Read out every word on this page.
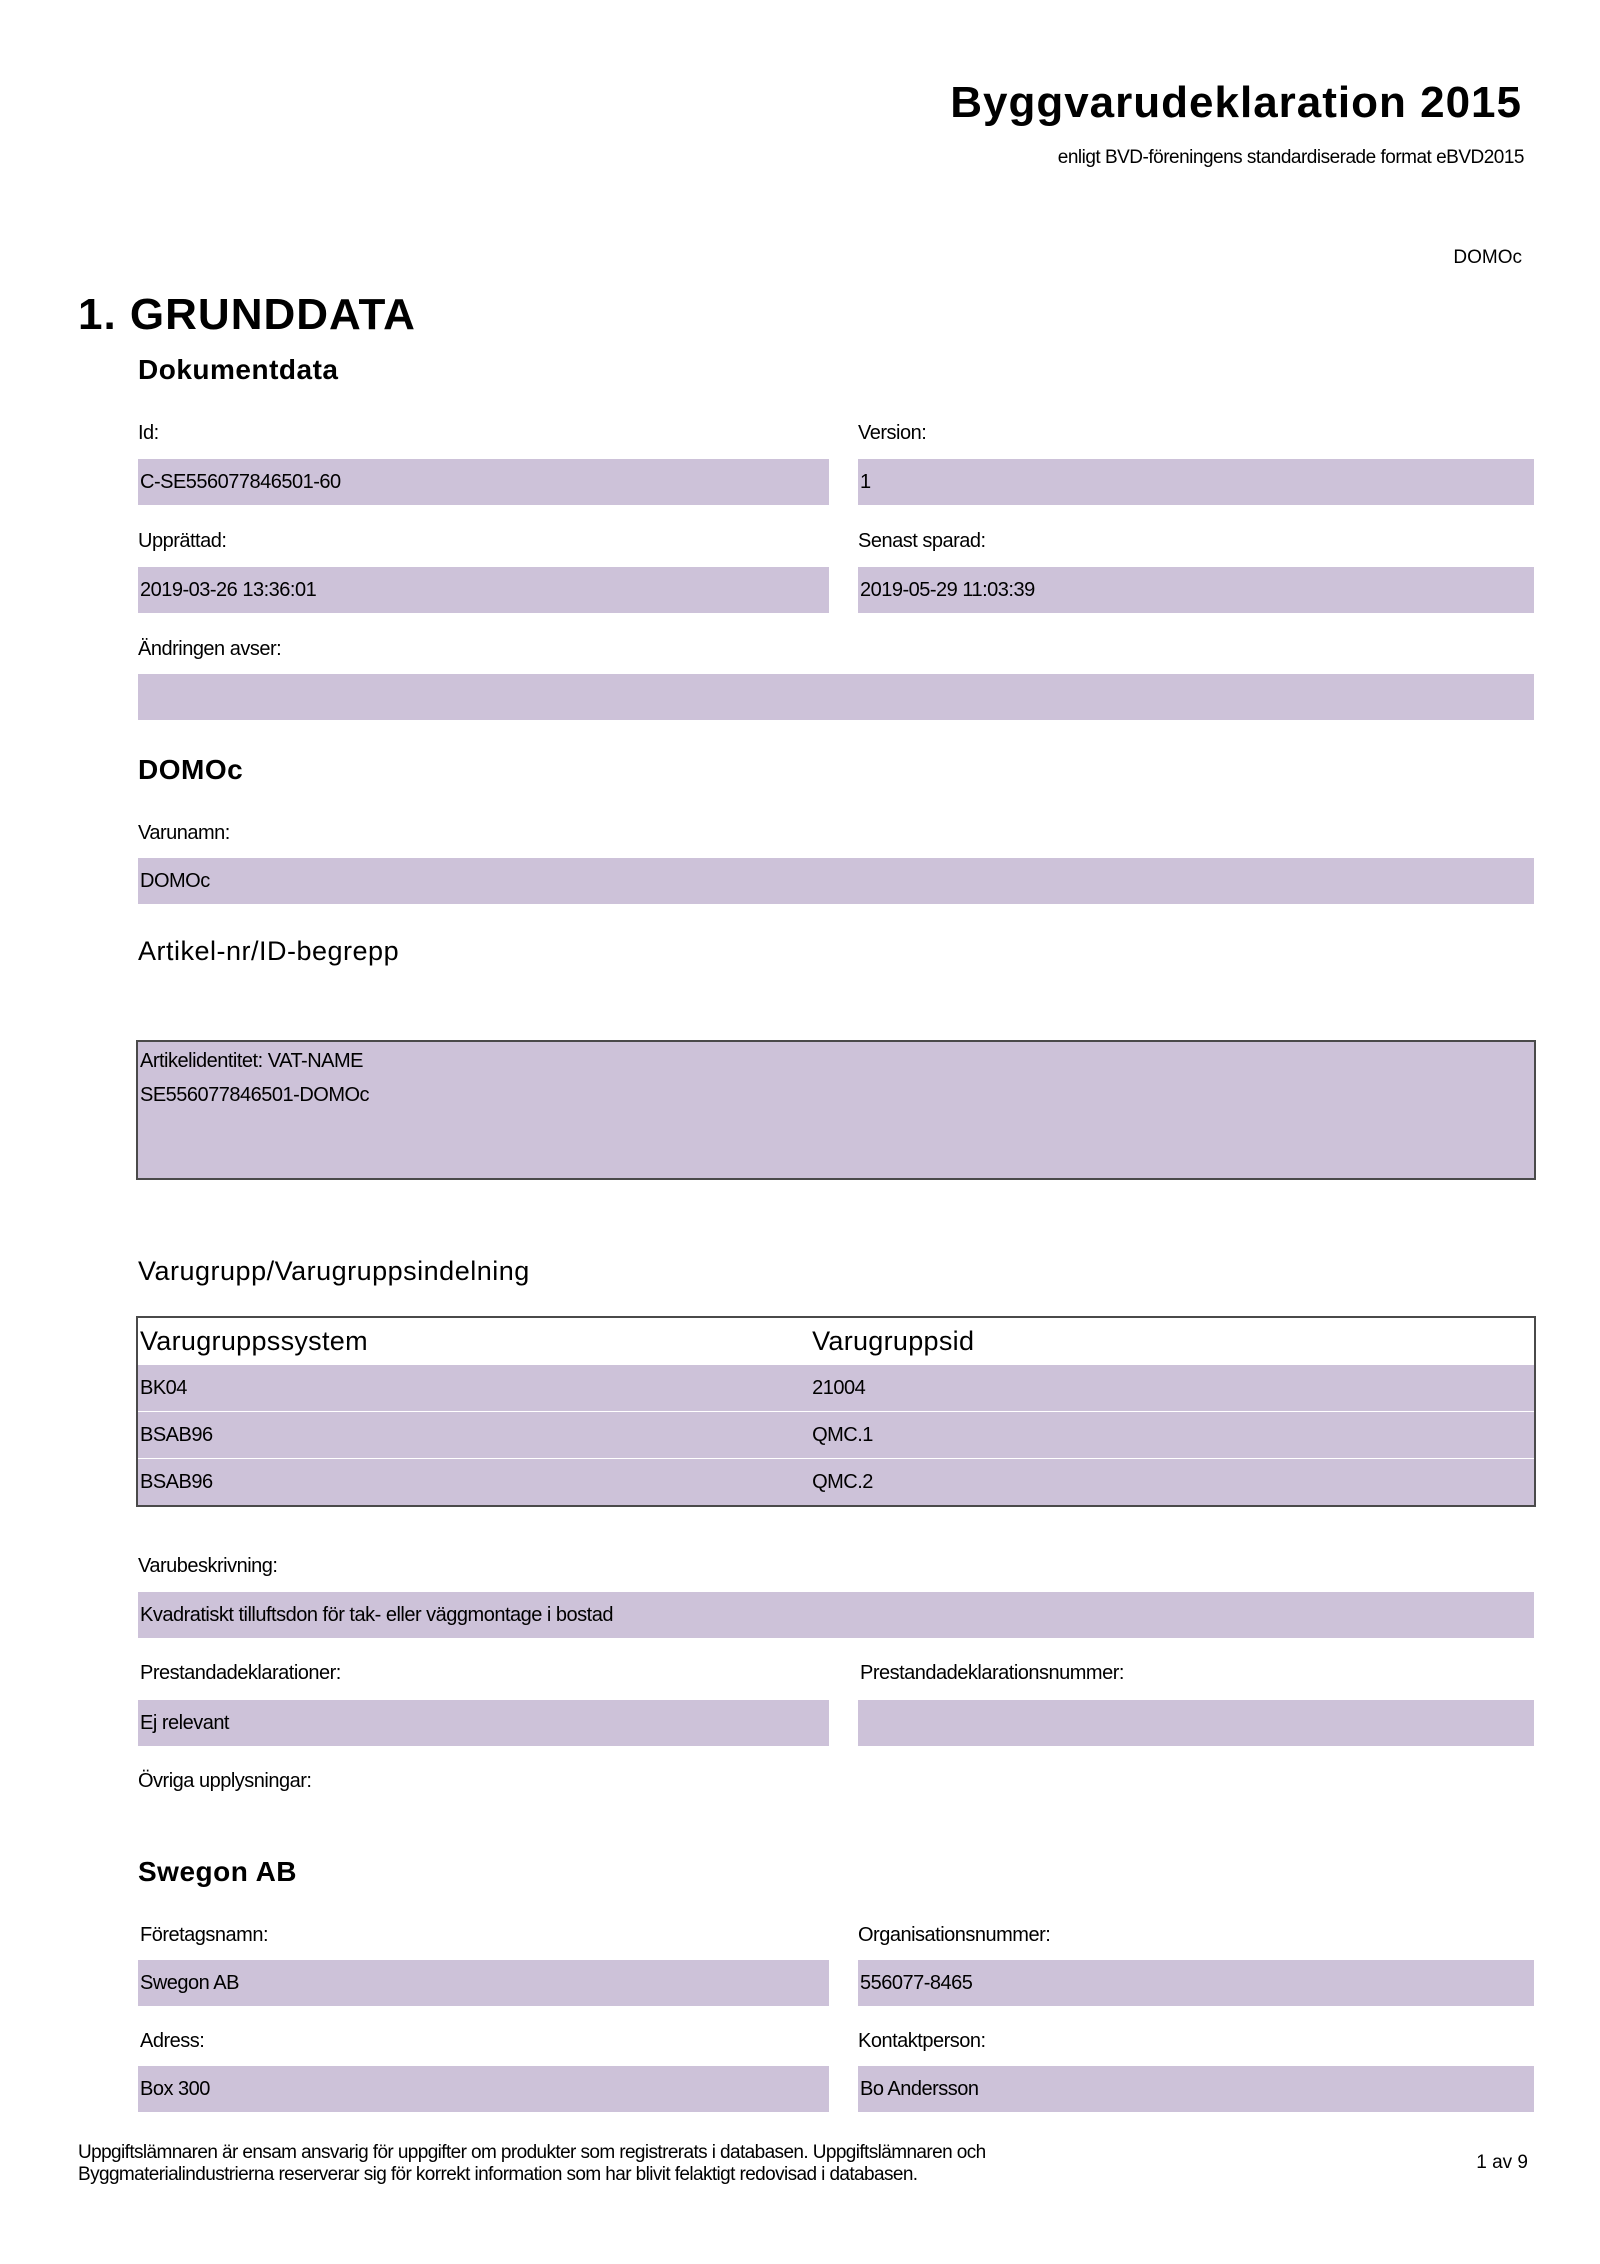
Byggvarudeklaration 2015
enligt BVD-föreningens standardiserade format eBVD2015
DOMOc
1. GRUNDDATA
Dokumentdata
Id:	Version:
C-SE556077846501-60	1
Upprättad:	Senast sparad:
2019-03-26 13:36:01	2019-05-29 11:03:39
Ändringen avser:
DOMOc
Varunamn:
DOMOc
Artikel-nr/ID-begrepp
Artikelidentitet: VAT-NAME
SE556077846501-DOMOc
Varugrupp/Varugruppsindelning
Varugruppssystem	Varugruppsid
BK04	21004
BSAB96	QMC.1
BSAB96	QMC.2
Varubeskrivning:
Kvadratiskt tilluftsdon för tak- eller väggmontage i bostad
Prestandadeklarationer:	Prestandadeklarationsnummer:
Ej relevant
Övriga upplysningar:
Swegon AB
Företagsnamn:	Organisationsnummer:
Swegon AB	556077-8465
Adress:	Kontaktperson:
Box 300	Bo Andersson
Uppgiftslämnaren är ensam ansvarig för uppgifter om produkter som registrerats i databasen. Uppgiftslämnaren och
Byggmaterialindustrierna reserverar sig för korrekt information som har blivit felaktigt redovisad i databasen.
1 av 9
